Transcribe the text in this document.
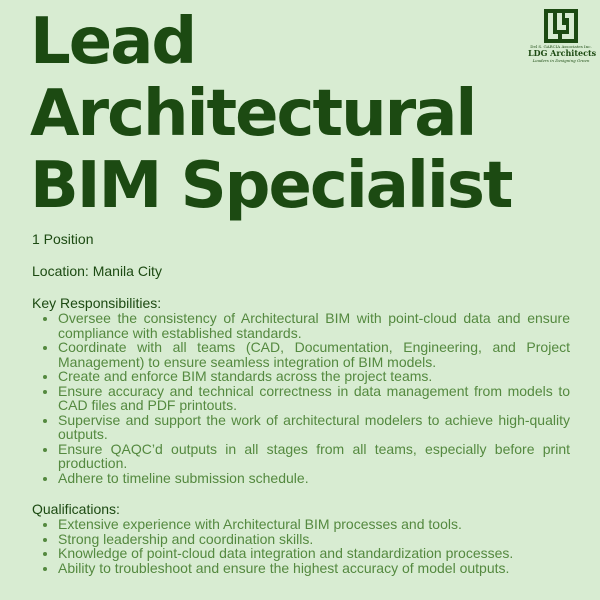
Lead
Architectural
BIM Specialist
Del S. GARCIA Associates Inc.
LDG Architects
Leaders in Designing Green

1 Position

Location: Manila City

Key Responsibilities:

• Oversee the consistency of Architectural BIM with point-cloud data and ensure compliance with established standards.
• Coordinate with all teams (CAD, Documentation, Engineering, and Project Management) to ensure seamless integration of BIM models.
• Create and enforce BIM standards across the project teams.
• Ensure accuracy and technical correctness in data management from models to CAD files and PDF printouts.
• Supervise and support the work of architectural modelers to achieve high-quality outputs.
• Ensure QAQC’d outputs in all stages from all teams, especially before print production.
• Adhere to timeline submission schedule.

Qualifications:

• Extensive experience with Architectural BIM processes and tools.
• Strong leadership and coordination skills.
• Knowledge of point-cloud data integration and standardization processes.
• Ability to troubleshoot and ensure the highest accuracy of model outputs.
